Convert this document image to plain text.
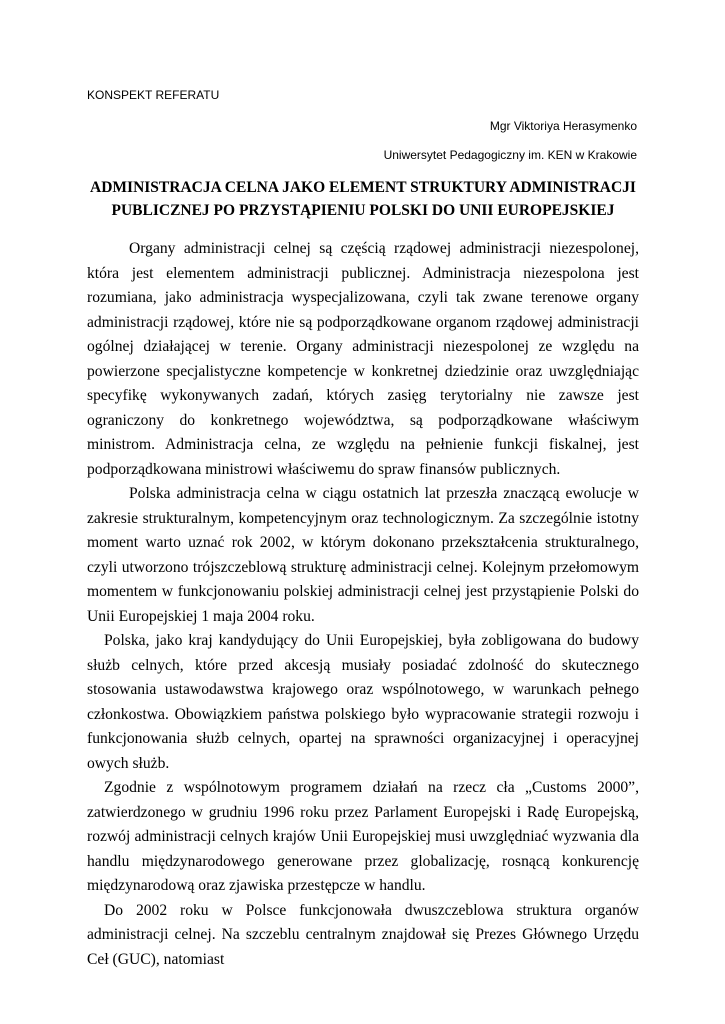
KONSPEKT REFERATU
Mgr Viktoriya Herasymenko
Uniwersytet Pedagogiczny im. KEN w Krakowie
ADMINISTRACJA CELNA JAKO ELEMENT STRUKTURY ADMINISTRACJI PUBLICZNEJ PO PRZYSTĄPIENIU POLSKI DO UNII EUROPEJSKIEJ

Organy administracji celnej są częścią rządowej administracji niezespolonej, która jest elementem administracji publicznej. Administracja niezespolona jest rozumiana, jako administracja wyspecjalizowana, czyli tak zwane terenowe organy administracji rządowej, które nie są podporządkowane organom rządowej administracji ogólnej działającej w terenie. Organy administracji niezespolonej ze względu na powierzone specjalistyczne kompetencje w konkretnej dziedzinie oraz uwzględniając specyfikę wykonywanych zadań, których zasięg terytorialny nie zawsze jest ograniczony do konkretnego województwa, są podporządkowane właściwym ministrom. Administracja celna, ze względu na pełnienie funkcji fiskalnej, jest podporządkowana ministrowi właściwemu do spraw finansów publicznych.

Polska administracja celna w ciągu ostatnich lat przeszła znaczącą ewolucje w zakresie strukturalnym, kompetencyjnym oraz technologicznym. Za szczególnie istotny moment warto uznać rok 2002, w którym dokonano przekształcenia strukturalnego, czyli utworzono trójszczeblową strukturę administracji celnej. Kolejnym przełomowym momentem w funkcjonowaniu polskiej administracji celnej jest przystąpienie Polski do Unii Europejskiej 1 maja 2004 roku.

Polska, jako kraj kandydujący do Unii Europejskiej, była zobligowana do budowy służb celnych, które przed akcesją musiały posiadać zdolność do skutecznego stosowania ustawodawstwa krajowego oraz wspólnotowego, w warunkach pełnego członkostwa. Obowiązkiem państwa polskiego było wypracowanie strategii rozwoju i funkcjonowania służb celnych, opartej na sprawności organizacyjnej i operacyjnej owych służb.

Zgodnie z wspólnotowym programem działań na rzecz cła „Customs 2000”, zatwierdzonego w grudniu 1996 roku przez Parlament Europejski i Radę Europejską, rozwój administracji celnych krajów Unii Europejskiej musi uwzględniać wyzwania dla handlu międzynarodowego generowane przez globalizację, rosnącą konkurencję międzynarodową oraz zjawiska przestępcze w handlu.

Do 2002 roku w Polsce funkcjonowała dwuszczeblowa struktura organów administracji celnej. Na szczeblu centralnym znajdował się Prezes Głównego Urzędu Ceł (GUC), natomiast
